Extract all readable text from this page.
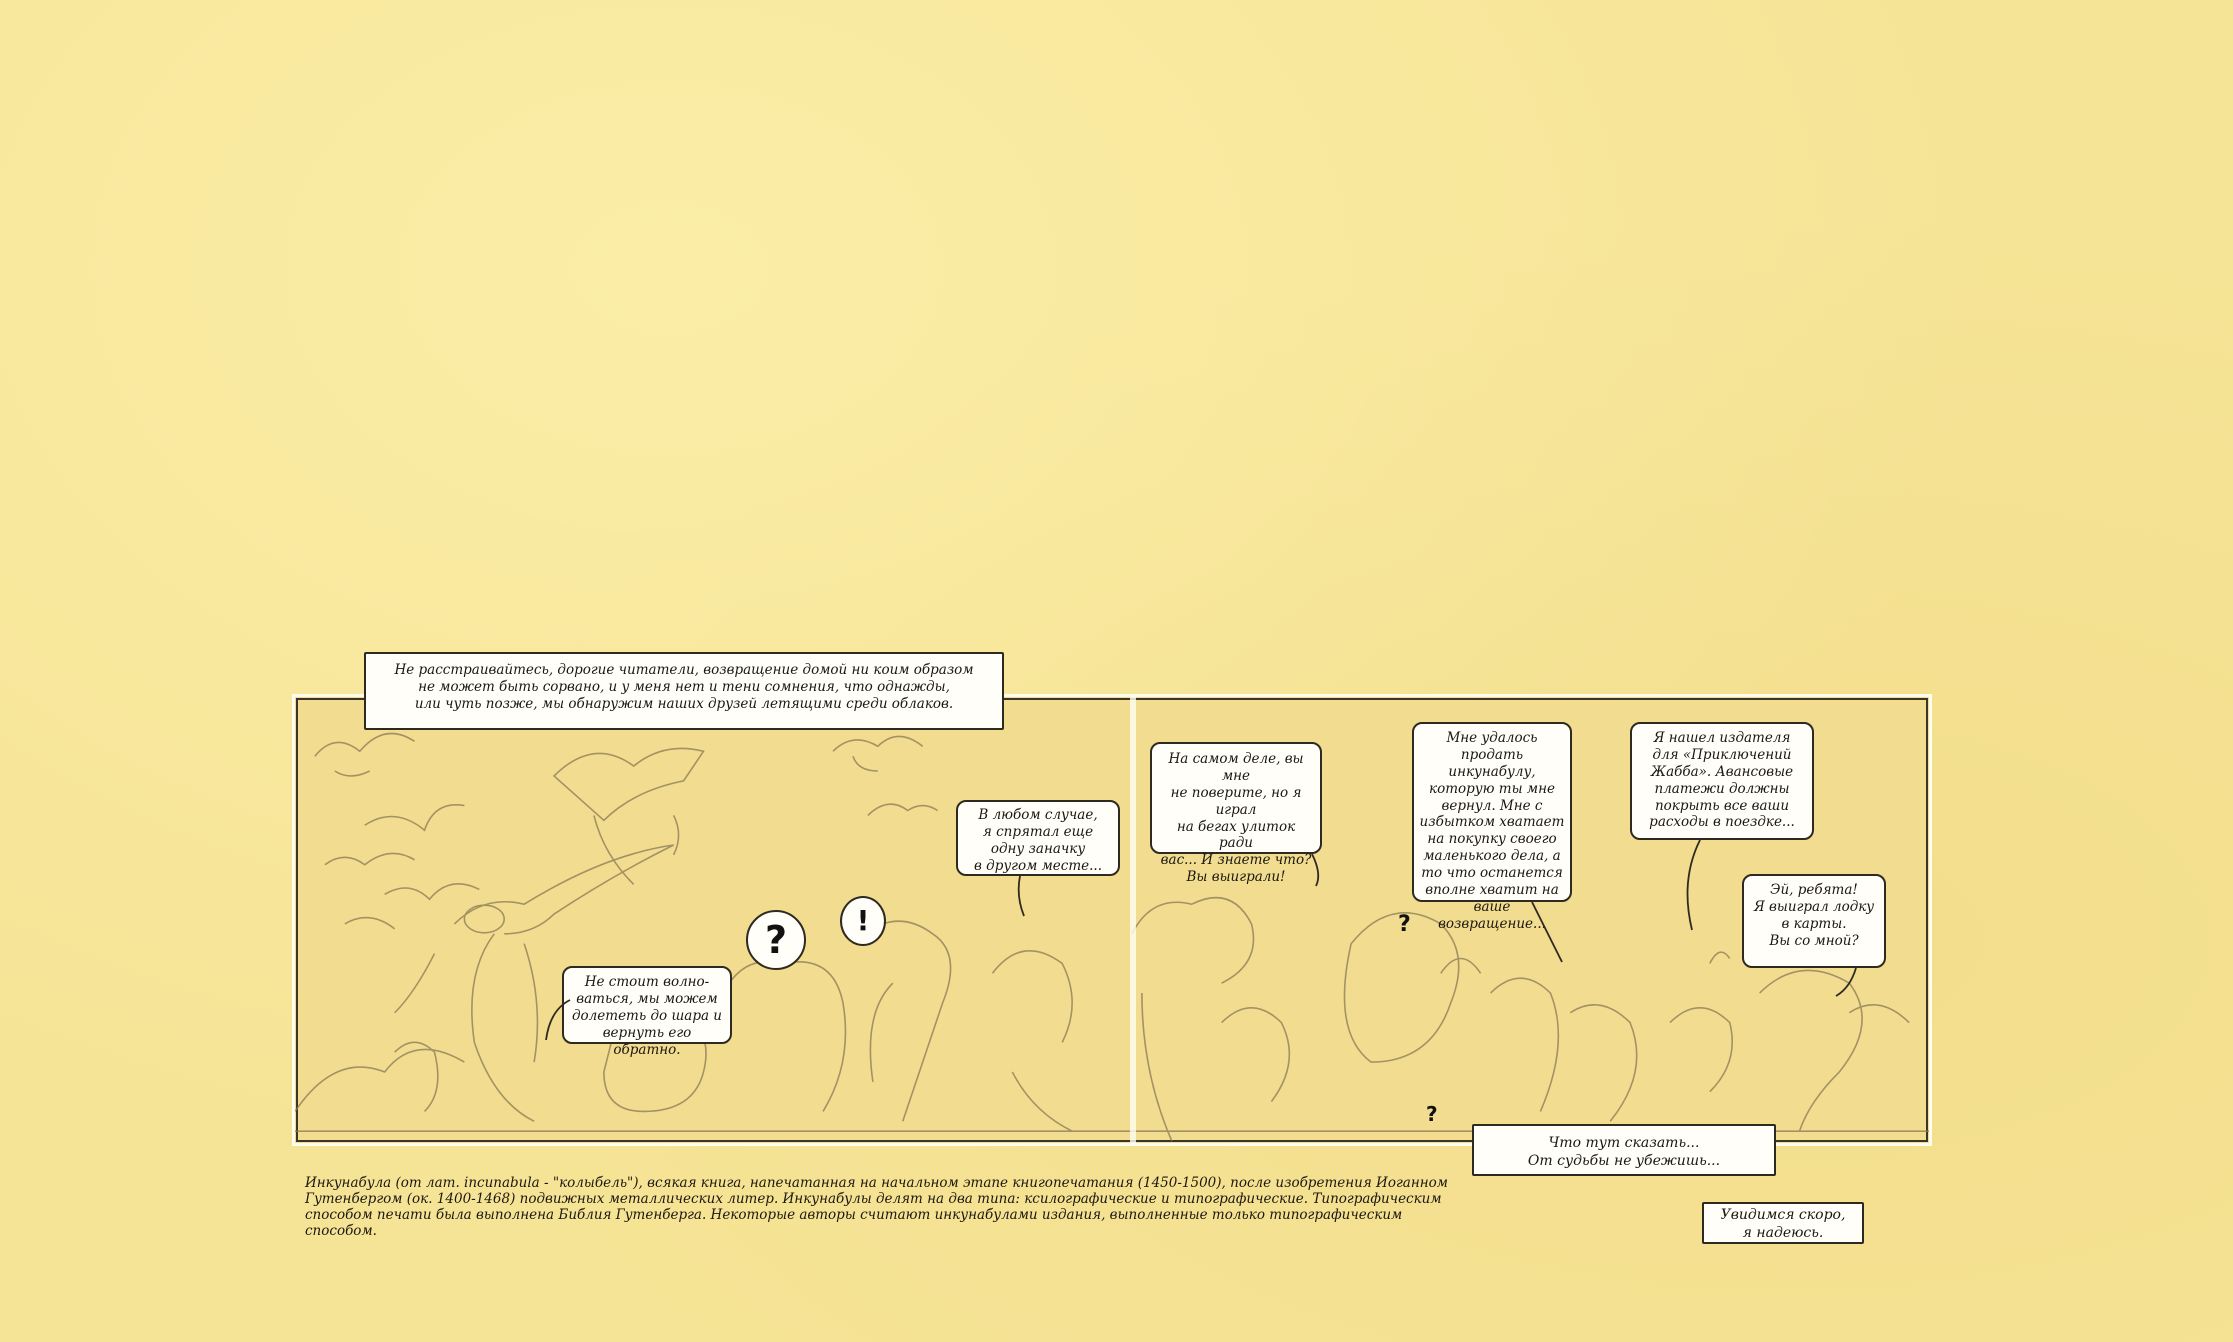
Не расстраивайтесь, дорогие читатели, возвращение домой ни коим образом
не может быть сорвано, и у меня нет и тени сомнения, что однажды,
или чуть позже, мы обнаружим наших друзей летящими среди облаков.
Не стоит волно-
ваться, мы можем
долететь до шара и
вернуть его обратно.
В любом случае,
я спрятал еще
одну заначку
в другом месте...
На самом деле, вы мне
не поверите, но я играл
на бегах улиток ради
вас... И знаете что?
Вы выиграли!
Мне удалось
продать инкунабулу,
которую ты мне
вернул. Мне с
избытком хватает
на покупку своего
маленького дела, а
то что останется
вполне хватит на
ваше возвращение...
Я нашел издателя
для «Приключений
Жабба». Авансовые
платежи должны
покрыть все ваши
расходы в поездке...
Эй, ребята!
Я выиграл лодку
в карты.
Вы со мной?
Что тут сказать...
От судьбы не убежишь...
Увидимся скоро,
я надеюсь.
?	!	?
?
Инкунабула (от лат. incunabula - "колыбель"), всякая книга, напечатанная на начальном этапе книгопечатания (1450-1500), после изобретения Иоганном Гутенбергом (ок. 1400-1468) подвижных металлических литер. Инкунабулы делят на два типа: ксилографические и типографические. Типографическим способом печати была выполнена Библия Гутенберга. Некоторые авторы считают инкунабулами издания, выполненные только типографическим способом.
